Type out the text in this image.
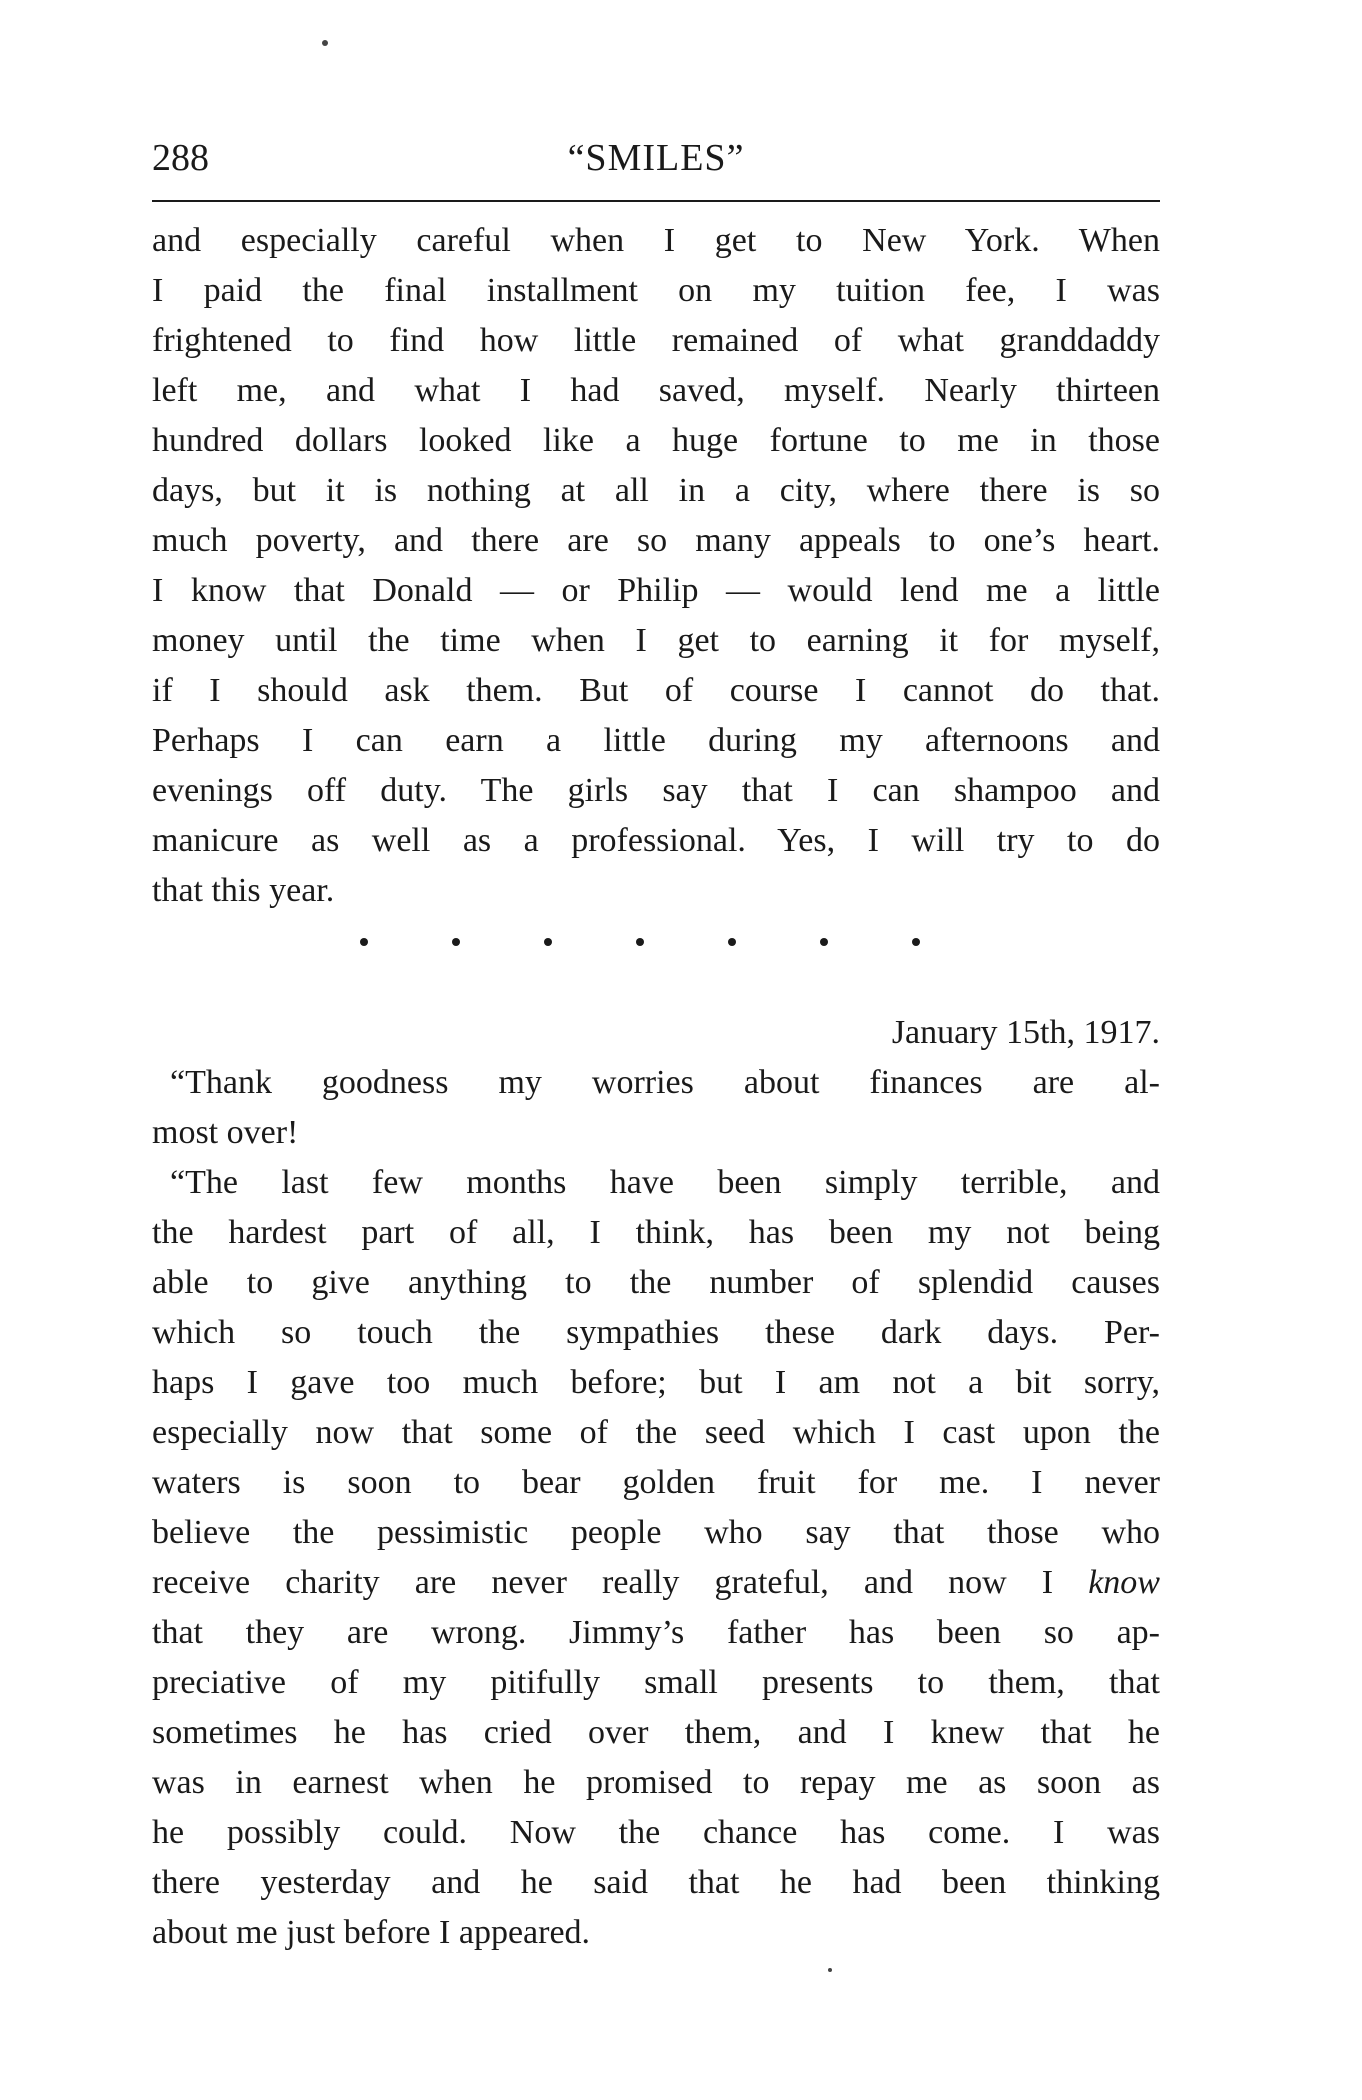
288	“SMILES”
and especially careful when I get to New York. When
I paid the final installment on my tuition fee, I was
frightened to find how little remained of what granddaddy
left me, and what I had saved, myself. Nearly thirteen
hundred dollars looked like a huge fortune to me in those
days, but it is nothing at all in a city, where there is so
much poverty, and there are so many appeals to one’s heart.
I know that Donald — or Philip — would lend me a little
money until the time when I get to earning it for myself,
if I should ask them. But of course I cannot do that.
Perhaps I can earn a little during my afternoons and
evenings off duty. The girls say that I can shampoo and
manicure as well as a professional. Yes, I will try to do
that this year.
January 15th, 1917.
“Thank goodness my worries about finances are al-
most over!
“The last few months have been simply terrible, and
the hardest part of all, I think, has been my not being
able to give anything to the number of splendid causes
which so touch the sympathies these dark days. Per-
haps I gave too much before; but I am not a bit sorry,
especially now that some of the seed which I cast upon the
waters is soon to bear golden fruit for me. I never
believe the pessimistic people who say that those who
receive charity are never really grateful, and now I know
that they are wrong. Jimmy’s father has been so ap-
preciative of my pitifully small presents to them, that
sometimes he has cried over them, and I knew that he
was in earnest when he promised to repay me as soon as
he possibly could. Now the chance has come. I was
there yesterday and he said that he had been thinking
about me just before I appeared.
